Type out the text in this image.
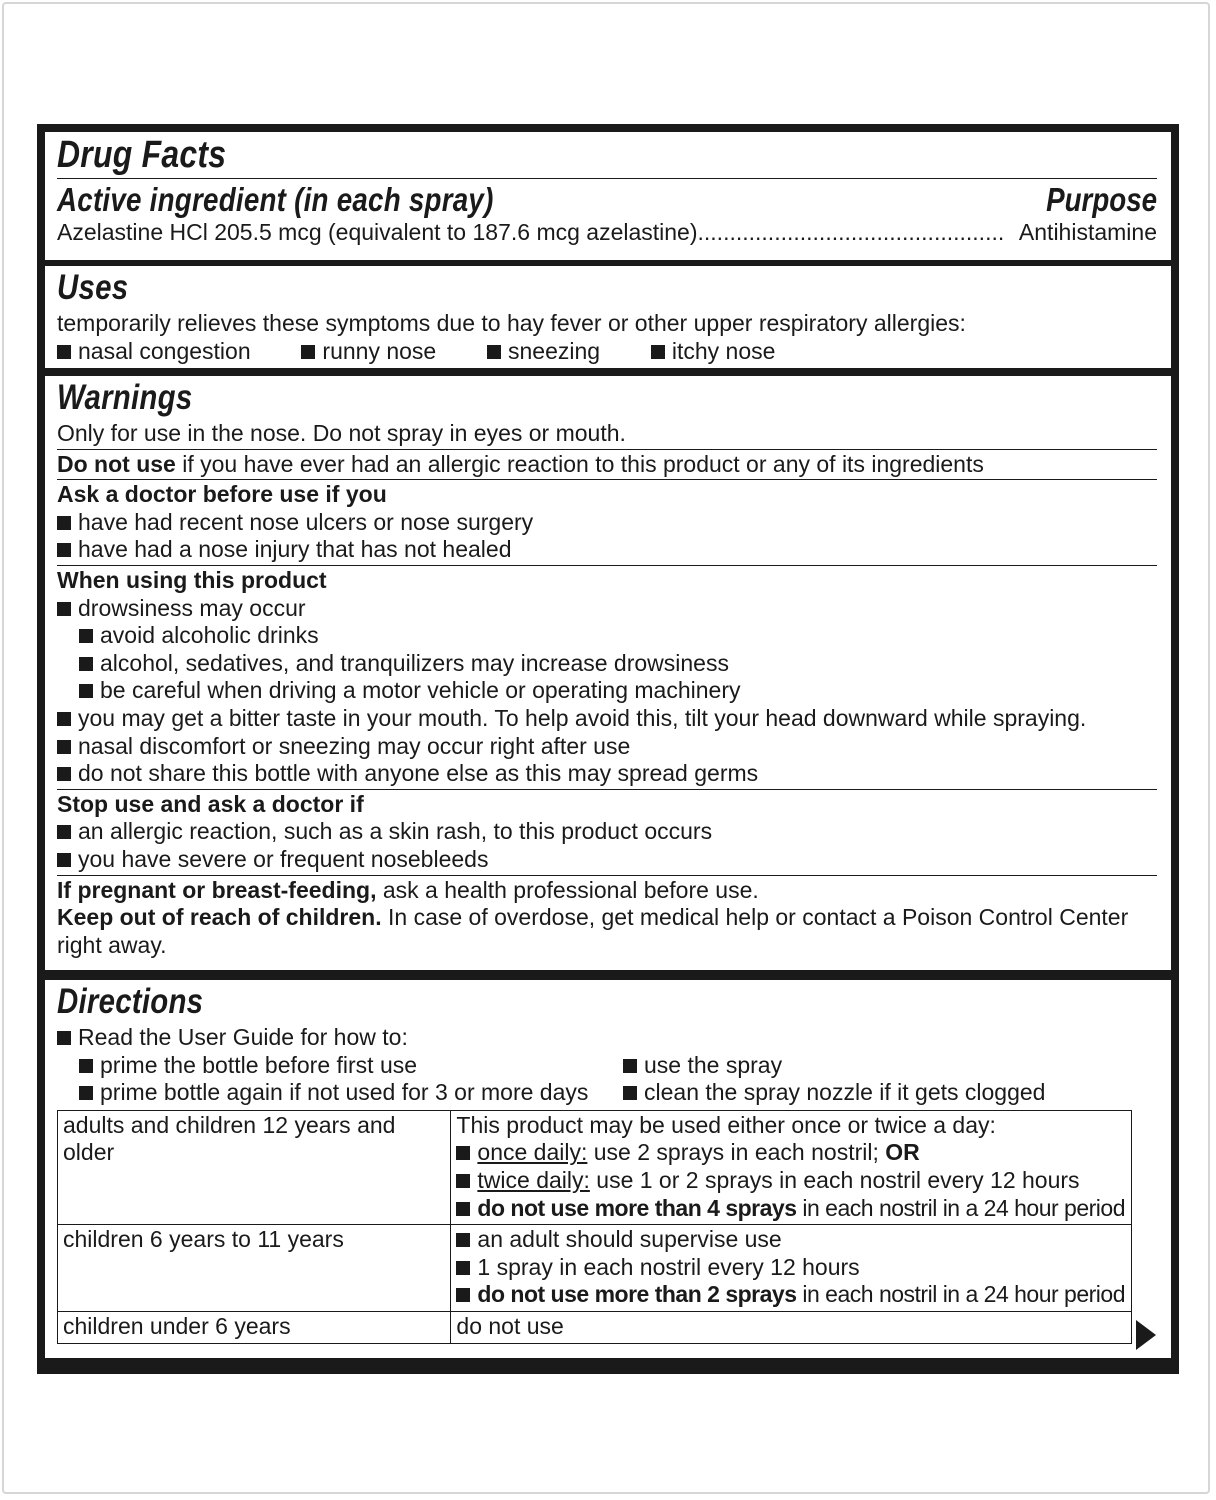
Drug Facts
Active ingredient (in each spray)	Purpose
Azelastine HCl 205.5 mcg (equivalent to 187.6 mcg azelastine)................................................ Antihistamine
Uses
temporarily relieves these symptoms due to hay fever or other upper respiratory allergies:
nasal congestion	runny nose	sneezing	itchy nose
Warnings
Only for use in the nose. Do not spray in eyes or mouth.
Do not use if you have ever had an allergic reaction to this product or any of its ingredients
Ask a doctor before use if you
have had recent nose ulcers or nose surgery
have had a nose injury that has not healed
When using this product
drowsiness may occur
avoid alcoholic drinks
alcohol, sedatives, and tranquilizers may increase drowsiness
be careful when driving a motor vehicle or operating machinery
you may get a bitter taste in your mouth. To help avoid this, tilt your head downward while spraying.
nasal discomfort or sneezing may occur right after use
do not share this bottle with anyone else as this may spread germs
Stop use and ask a doctor if
an allergic reaction, such as a skin rash, to this product occurs
you have severe or frequent nosebleeds
If pregnant or breast-feeding, ask a health professional before use.
Keep out of reach of children. In case of overdose, get medical help or contact a Poison Control Center
right away.
Directions
Read the User Guide for how to:
prime the bottle before first use	use the spray
prime bottle again if not used for 3 or more days	clean the spray nozzle if it gets clogged
adults and children 12 years and older	This product may be used either once or twice a day:
once daily: use 2 sprays in each nostril; OR
twice daily: use 1 or 2 sprays in each nostril every 12 hours
do not use more than 4 sprays in each nostril in a 24 hour period

children 6 years to 11 years	an adult should supervise use
1 spray in each nostril every 12 hours
do not use more than 2 sprays in each nostril in a 24 hour period

children under 6 years	do not use
